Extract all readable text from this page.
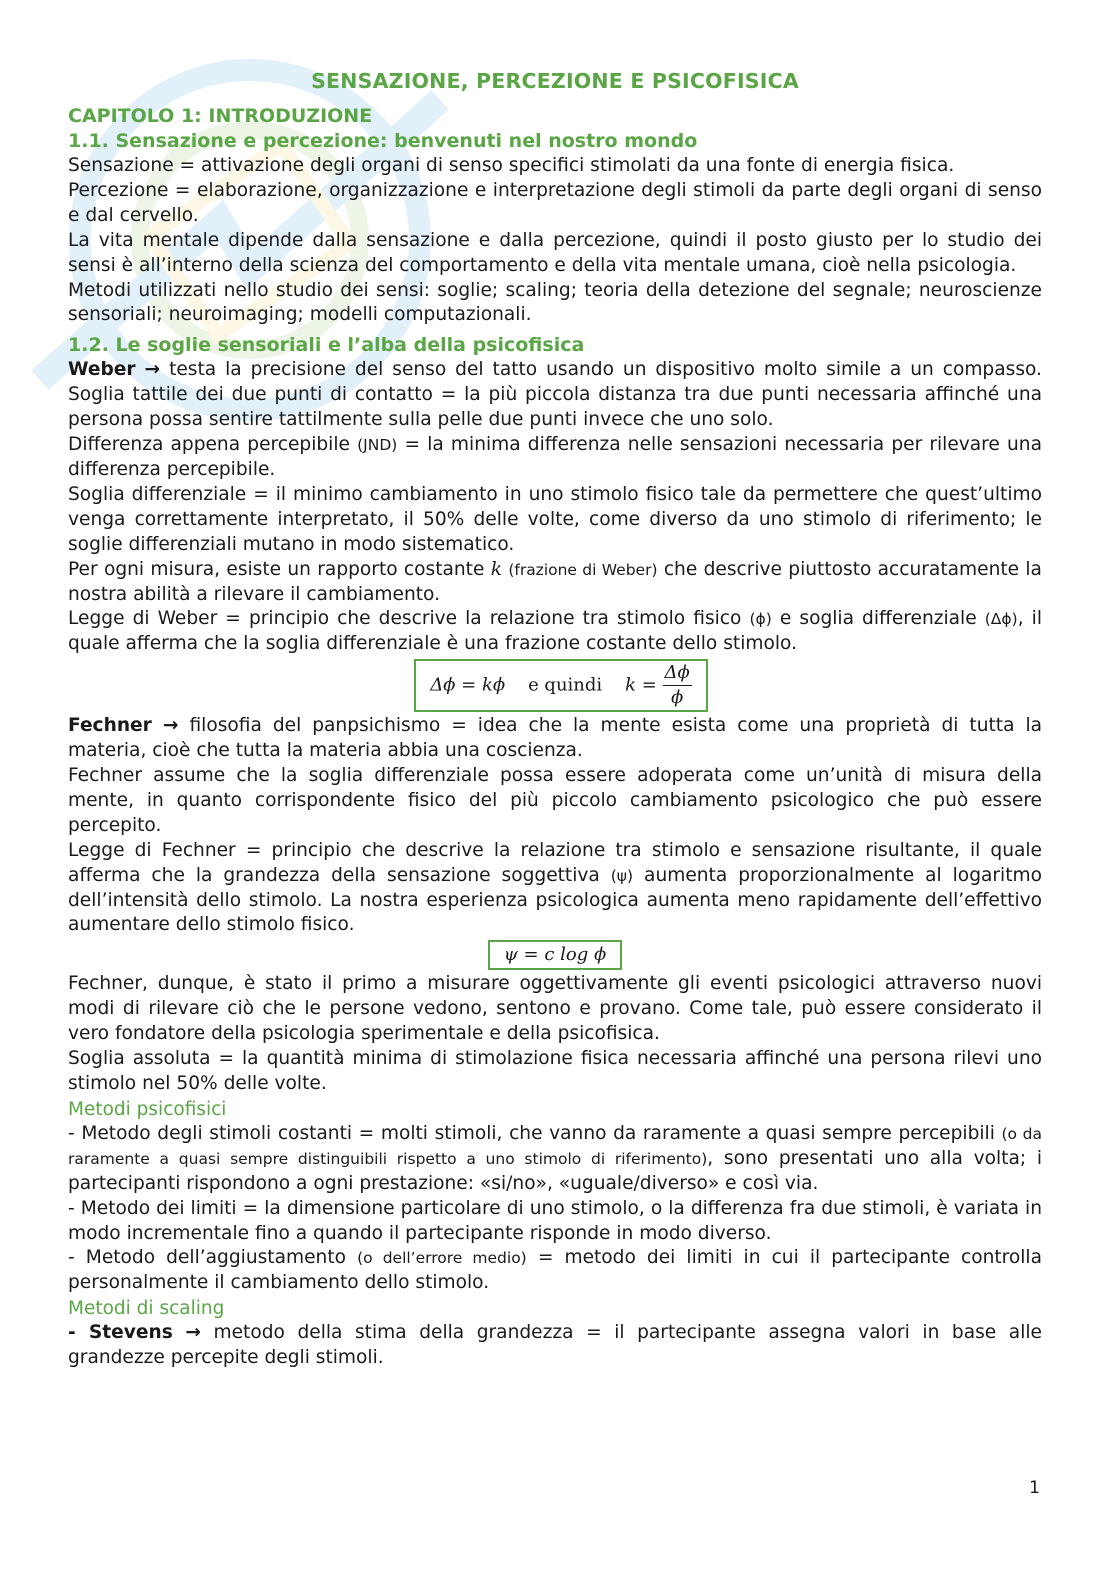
SENSAZIONE, PERCEZIONE E PSICOFISICA
CAPITOLO 1: INTRODUZIONE
1.1. Sensazione e percezione: benvenuti nel nostro mondo

Sensazione = attivazione degli organi di senso specifici stimolati da una fonte di energia fisica.

Percezione = elaborazione, organizzazione e interpretazione degli stimoli da parte degli organi di senso e dal cervello.

La vita mentale dipende dalla sensazione e dalla percezione, quindi il posto giusto per lo studio dei sensi è all’interno della scienza del comportamento e della vita mentale umana, cioè nella psicologia.

Metodi utilizzati nello studio dei sensi: soglie; scaling; teoria della detezione del segnale; neuroscienze sensoriali; neuroimaging; modelli computazionali.

1.2. Le soglie sensoriali e l’alba della psicofisica

Weber → testa la precisione del senso del tatto usando un dispositivo molto simile a un compasso. Soglia tattile dei due punti di contatto = la più piccola distanza tra due punti necessaria affinché una persona possa sentire tattilmente sulla pelle due punti invece che uno solo.

Differenza appena percepibile (JND) = la minima differenza nelle sensazioni necessaria per rilevare una differenza percepibile.

Soglia differenziale = il minimo cambiamento in uno stimolo fisico tale da permettere che quest’ultimo venga correttamente interpretato, il 50% delle volte, come diverso da uno stimolo di riferimento; le soglie differenziali mutano in modo sistematico.

Per ogni misura, esiste un rapporto costante k (frazione di Weber) che descrive piuttosto accuratamente la nostra abilità a rilevare il cambiamento.

Legge di Weber = principio che descrive la relazione tra stimolo fisico (ϕ) e soglia differenziale (Δϕ), il quale afferma che la soglia differenziale è una frazione costante dello stimolo.

Δϕ = kϕ e quindi $k = \frac{\Delta\phi}{\phi}$

Fechner → filosofia del panpsichismo = idea che la mente esista come una proprietà di tutta la materia, cioè che tutta la materia abbia una coscienza.

Fechner assume che la soglia differenziale possa essere adoperata come un’unità di misura della mente, in quanto corrispondente fisico del più piccolo cambiamento psicologico che può essere percepito.

Legge di Fechner = principio che descrive la relazione tra stimolo e sensazione risultante, il quale afferma che la grandezza della sensazione soggettiva (ψ) aumenta proporzionalmente al logaritmo dell’intensità dello stimolo. La nostra esperienza psicologica aumenta meno rapidamente dell’effettivo aumentare dello stimolo fisico.

ψ = c log ϕ

Fechner, dunque, è stato il primo a misurare oggettivamente gli eventi psicologici attraverso nuovi modi di rilevare ciò che le persone vedono, sentono e provano. Come tale, può essere considerato il vero fondatore della psicologia sperimentale e della psicofisica.

Soglia assoluta = la quantità minima di stimolazione fisica necessaria affinché una persona rilevi uno stimolo nel 50% delle volte.

Metodi psicofisici

- Metodo degli stimoli costanti = molti stimoli, che vanno da raramente a quasi sempre percepibili (o da raramente a quasi sempre distinguibili rispetto a uno stimolo di riferimento), sono presentati uno alla volta; i partecipanti rispondono a ogni prestazione: «si/no», «uguale/diverso» e così via.

- Metodo dei limiti = la dimensione particolare di uno stimolo, o la differenza fra due stimoli, è variata in modo incrementale fino a quando il partecipante risponde in modo diverso.

- Metodo dell’aggiustamento (o dell’errore medio) = metodo dei limiti in cui il partecipante controlla personalmente il cambiamento dello stimolo.

Metodi di scaling

- Stevens → metodo della stima della grandezza = il partecipante assegna valori in base alle grandezze percepite degli stimoli.

1
